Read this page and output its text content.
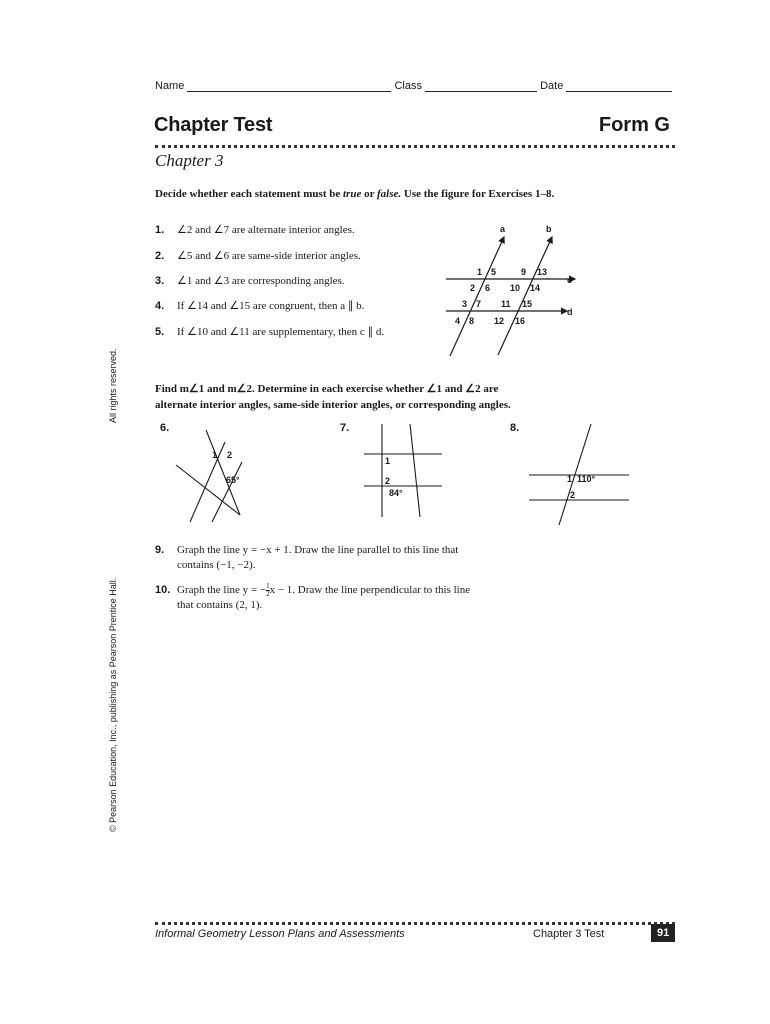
Name	Class	Date
Chapter Test	Form G
Chapter 3
Decide whether each statement must be true or false. Use the figure for Exercises 1–8.
1. ∠2 and ∠7 are alternate interior angles.
2. ∠5 and ∠6 are same-side interior angles.
3. ∠1 and ∠3 are corresponding angles.
4. If ∠14 and ∠15 are congruent, then a ∥ b.
5. If ∠10 and ∠11 are supplementary, then c ∥ d.
a	b
c
d
1 5
2 6
3 7
4 8
9 13
10 14
11 15
12 16
Find m∠1 and m∠2. Determine in each exercise whether ∠1 and ∠2 are
alternate interior angles, same-side interior angles, or corresponding angles.
6.
1 2
65°
7.
1
2
84°
8.
1 110°
2
9. Graph the line y = −x + 1. Draw the line parallel to this line that
contains (−1, −2).
10. Graph the line y = − $\frac{1}{2}$ x − 1. Draw the line perpendicular to this line
that contains (2, 1).
All rights reserved.
© Pearson Education, Inc., publishing as Pearson Prentice Hall.
Informal Geometry Lesson Plans and Assessments	Chapter 3 Test	91
